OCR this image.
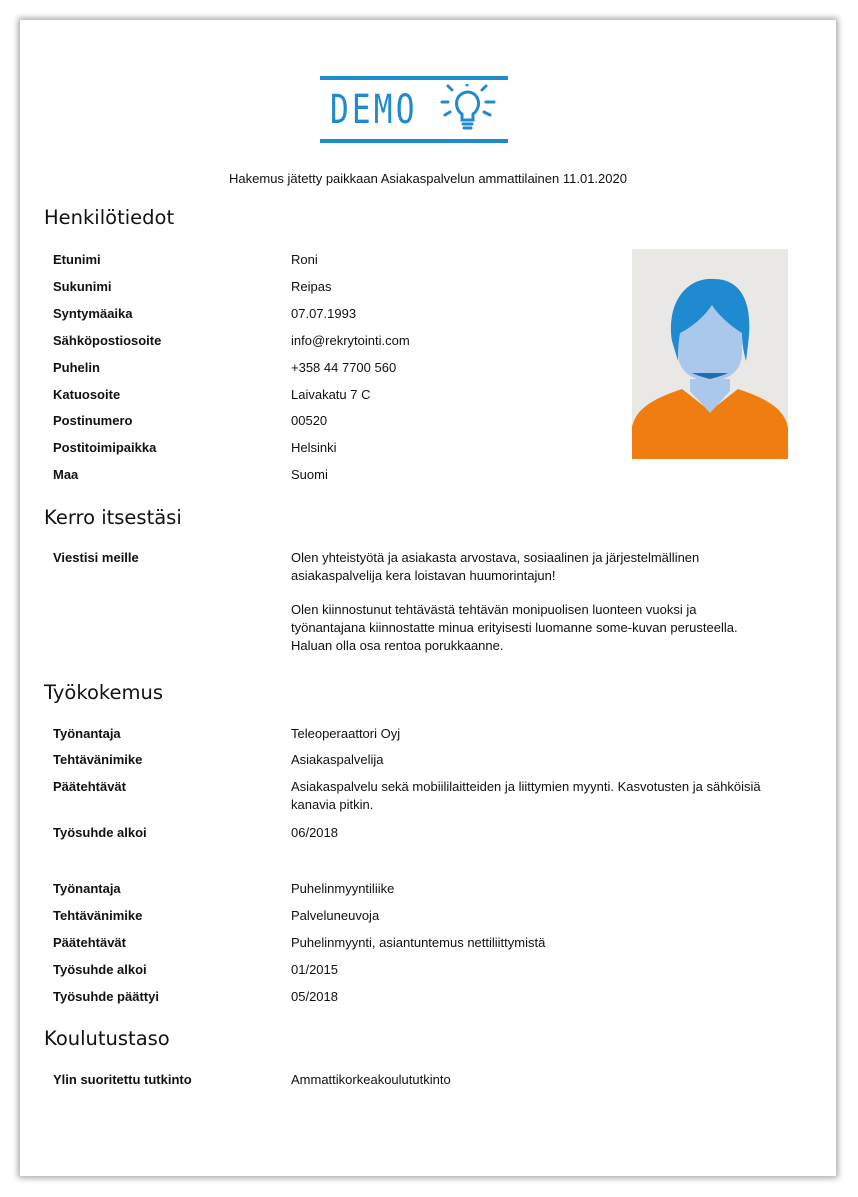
DEMO
Hakemus jätetty paikkaan Asiakaspalvelun ammattilainen 11.01.2020
Henkilötiedot
Etunimi	Roni
Sukunimi	Reipas
Syntymäaika	07.07.1993
Sähköpostiosoite	info@rekrytointi.com
Puhelin	+358 44 7700 560
Katuosoite	Laivakatu 7 C
Postinumero	00520
Postitoimipaikka	Helsinki
Maa	Suomi
Kerro itsestäsi
Viestisi meille	Olen yhteistyötä ja asiakasta arvostava, sosiaalinen ja järjestelmällinen asiakaspalvelija kera loistavan huumorintajun!

Olen kiinnostunut tehtävästä tehtävän monipuolisen luonteen vuoksi ja työnantajana kiinnostatte minua erityisesti luomanne some-kuvan perusteella. Haluan olla osa rentoa porukkaanne.

Työkokemus
Työnantaja	Teleoperaattori Oyj
Tehtävänimike	Asiakaspalvelija
Päätehtävät	Asiakaspalvelu sekä mobiililaitteiden ja liittymien myynti. Kasvotusten ja sähköisiä kanavia pitkin.
Työsuhde alkoi	06/2018
Työnantaja	Puhelinmyyntiliike
Tehtävänimike	Palveluneuvoja
Päätehtävät	Puhelinmyynti, asiantuntemus nettiliittymistä
Työsuhde alkoi	01/2015
Työsuhde päättyi	05/2018
Koulutustaso
Ylin suoritettu tutkinto	Ammattikorkeakoulututkinto
